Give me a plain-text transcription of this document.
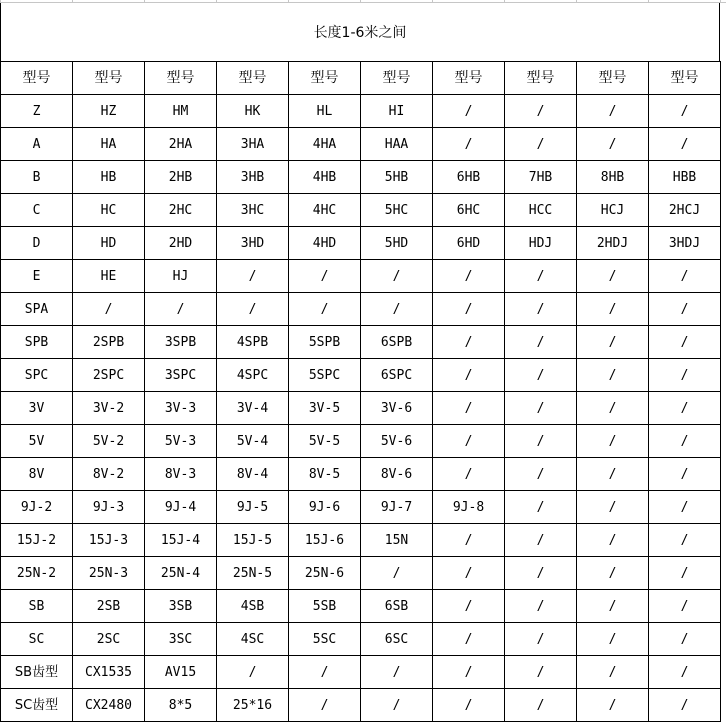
长度1-6米之间
型号	型号	型号	型号	型号	型号	型号	型号	型号	型号
Z	HZ	HM	HK	HL	HI	/	/	/	/
A	HA	2HA	3HA	4HA	HAA	/	/	/	/
B	HB	2HB	3HB	4HB	5HB	6HB	7HB	8HB	HBB
C	HC	2HC	3HC	4HC	5HC	6HC	HCC	HCJ	2HCJ
D	HD	2HD	3HD	4HD	5HD	6HD	HDJ	2HDJ	3HDJ
E	HE	HJ	/	/	/	/	/	/	/
SPA	/	/	/	/	/	/	/	/	/
SPB	2SPB	3SPB	4SPB	5SPB	6SPB	/	/	/	/
SPC	2SPC	3SPC	4SPC	5SPC	6SPC	/	/	/	/
3V	3V-2	3V-3	3V-4	3V-5	3V-6	/	/	/	/
5V	5V-2	5V-3	5V-4	5V-5	5V-6	/	/	/	/
8V	8V-2	8V-3	8V-4	8V-5	8V-6	/	/	/	/
9J-2	9J-3	9J-4	9J-5	9J-6	9J-7	9J-8	/	/	/
15J-2	15J-3	15J-4	15J-5	15J-6	15N	/	/	/	/
25N-2	25N-3	25N-4	25N-5	25N-6	/	/	/	/	/
SB	2SB	3SB	4SB	5SB	6SB	/	/	/	/
SC	2SC	3SC	4SC	5SC	6SC	/	/	/	/
SB齿型	CX1535	AV15	/	/	/	/	/	/	/
SC齿型	CX2480	8*5	25*16	/	/	/	/	/	/
